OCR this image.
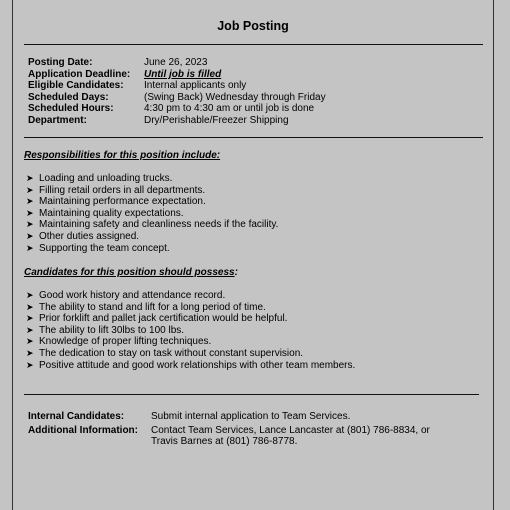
Job Posting
Posting Date:	June 26, 2023
Application Deadline:	Until job is filled
Eligible Candidates:	Internal applicants only
Scheduled Days:	(Swing Back) Wednesday through Friday
Scheduled Hours:	4:30 pm to 4:30 am or until job is done
Department:	Dry/Perishable/Freezer Shipping
Responsibilities for this position include:
➤ Loading and unloading trucks.
➤ Filling retail orders in all departments.
➤ Maintaining performance expectation.
➤ Maintaining quality expectations.
➤ Maintaining safety and cleanliness needs if the facility.
➤ Other duties assigned.
➤ Supporting the team concept.
Candidates for this position should possess:
➤ Good work history and attendance record.
➤ The ability to stand and lift for a long period of time.
➤ Prior forklift and pallet jack certification would be helpful.
➤ The ability to lift 30lbs to 100 lbs.
➤ Knowledge of proper lifting techniques.
➤ The dedication to stay on task without constant supervision.
➤ Positive attitude and good work relationships with other team members.
Internal Candidates:	Submit internal application to Team Services.
Additional Information:	Contact Team Services, Lance Lancaster at (801) 786-8834, or
Travis Barnes at (801) 786-8778.
